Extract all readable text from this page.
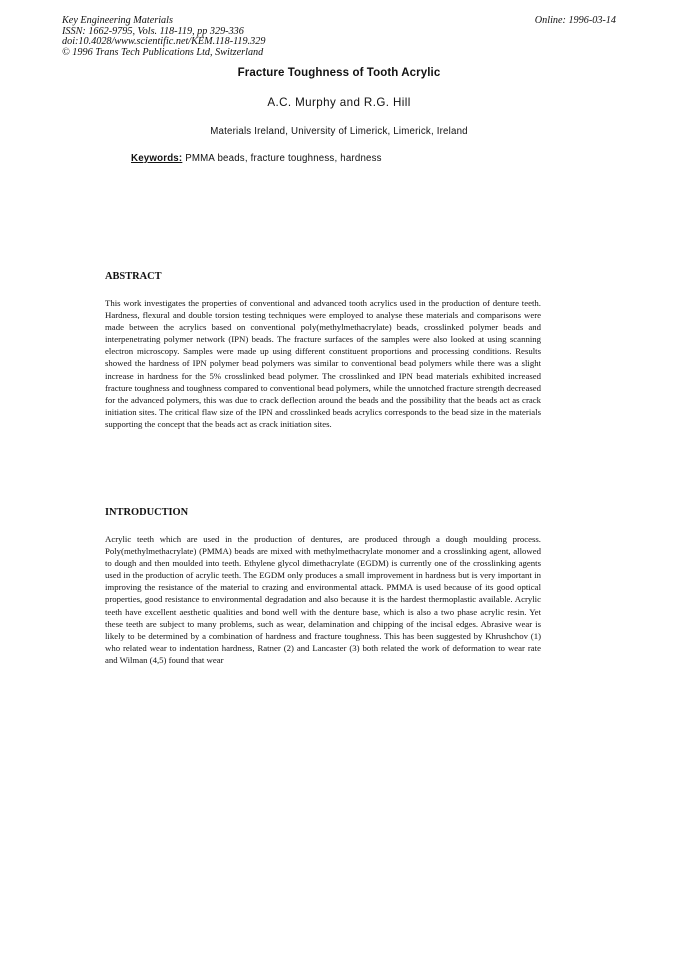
Key Engineering Materials
ISSN: 1662-9795, Vols. 118-119, pp 329-336
doi:10.4028/www.scientific.net/KEM.118-119.329
© 1996 Trans Tech Publications Ltd, Switzerland
Online: 1996-03-14
Fracture Toughness of Tooth Acrylic
A.C. Murphy and R.G. Hill
Materials Ireland, University of Limerick, Limerick, Ireland
Keywords: PMMA beads, fracture toughness, hardness
ABSTRACT
This work investigates the properties of conventional and advanced tooth acrylics used in the production of denture teeth. Hardness, flexural and double torsion testing techniques were employed to analyse these materials and comparisons were made between the acrylics based on conventional poly(methylmethacrylate) beads, crosslinked polymer beads and interpenetrating polymer network (IPN) beads. The fracture surfaces of the samples were also looked at using scanning electron microscopy. Samples were made up using different constituent proportions and processing conditions. Results showed the hardness of IPN polymer bead polymers was similar to conventional bead polymers while there was a slight increase in hardness for the 5% crosslinked bead polymer. The crosslinked and IPN bead materials exhibited increased fracture toughness and toughness compared to conventional bead polymers, while the unnotched fracture strength decreased for the advanced polymers, this was due to crack deflection around the beads and the possibility that the beads act as crack initiation sites. The critical flaw size of the IPN and crosslinked beads acrylics corresponds to the bead size in the materials supporting the concept that the beads act as crack initiation sites.
INTRODUCTION
Acrylic teeth which are used in the production of dentures, are produced through a dough moulding process. Poly(methylmethacrylate) (PMMA) beads are mixed with methylmethacrylate monomer and a crosslinking agent, allowed to dough and then moulded into teeth. Ethylene glycol dimethacrylate (EGDM) is currently one of the crosslinking agents used in the production of acrylic teeth. The EGDM only produces a small improvement in hardness but is very important in improving the resistance of the material to crazing and environmental attack. PMMA is used because of its good optical properties, good resistance to environmental degradation and also because it is the hardest thermoplastic available. Acrylic teeth have excellent aesthetic qualities and bond well with the denture base, which is also a two phase acrylic resin. Yet these teeth are subject to many problems, such as wear, delamination and chipping of the incisal edges. Abrasive wear is likely to be determined by a combination of hardness and fracture toughness. This has been suggested by Khrushchov (1) who related wear to indentation hardness, Ratner (2) and Lancaster (3) both related the work of deformation to wear rate and Wilman (4,5) found that wear
